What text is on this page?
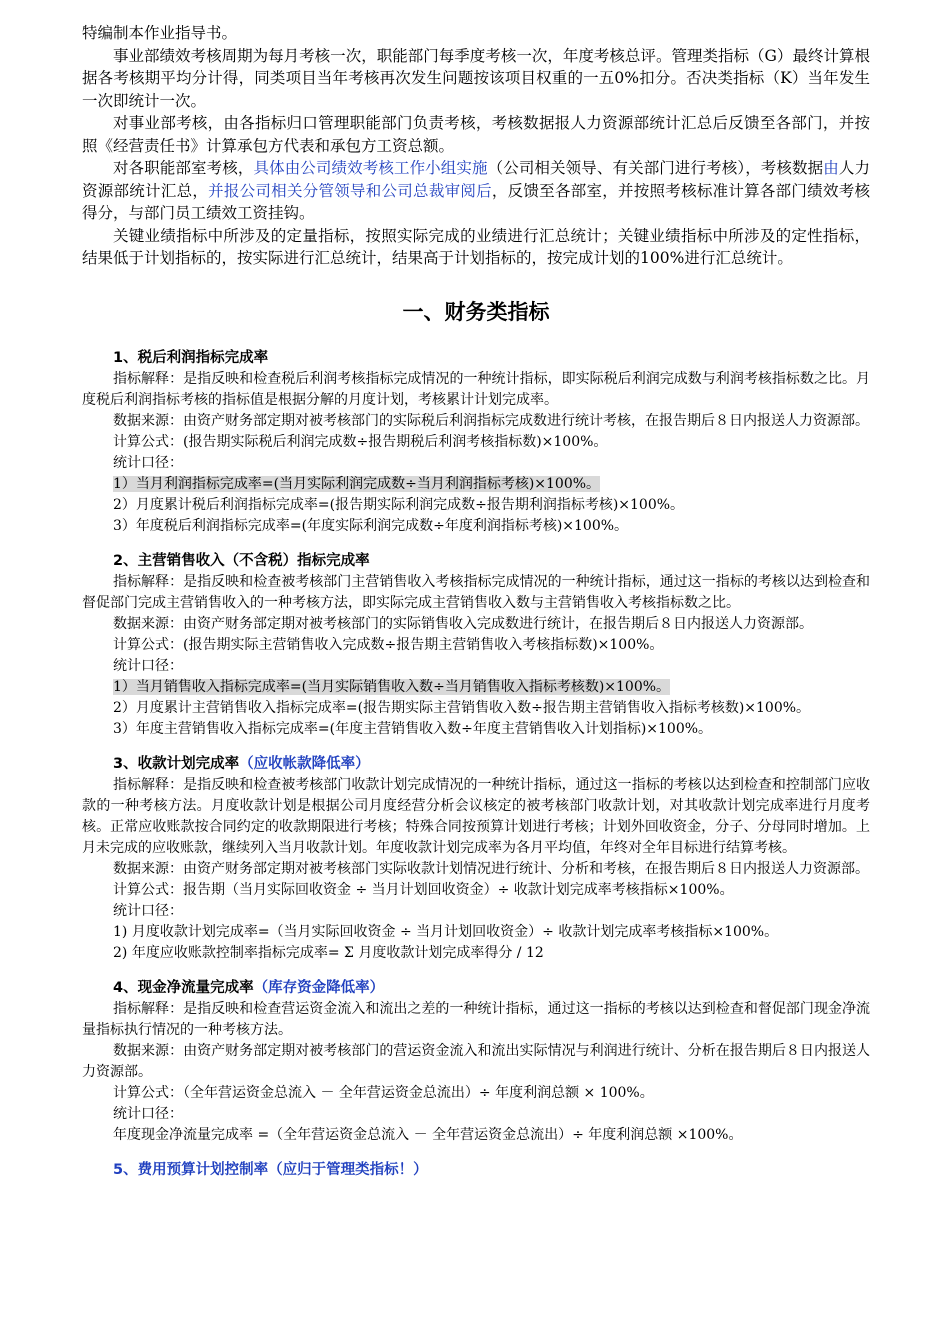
特编制本作业指导书。

事业部绩效考核周期为每月考核一次，职能部门每季度考核一次，年度考核总评。管理类指标（G）最终计算根据各考核期平均分计得，同类项目当年考核再次发生问题按该项目权重的一五0%扣分。否决类指标（K）当年发生一次即统计一次。

对事业部考核，由各指标归口管理职能部门负责考核，考核数据报人力资源部统计汇总后反馈至各部门，并按照《经营责任书》计算承包方代表和承包方工资总额。

对各职能部室考核，具体由公司绩效考核工作小组实施（公司相关领导、有关部门进行考核），考核数据由人力资源部统计汇总，并报公司相关分管领导和公司总裁审阅后，反馈至各部室，并按照考核标准计算各部门绩效考核得分，与部门员工绩效工资挂钩。

关键业绩指标中所涉及的定量指标，按照实际完成的业绩进行汇总统计；关键业绩指标中所涉及的定性指标，结果低于计划指标的，按实际进行汇总统计，结果高于计划指标的，按完成计划的100%进行汇总统计。

一、财务类指标
1、税后利润指标完成率

指标解释：是指反映和检查税后利润考核指标完成情况的一种统计指标，即实际税后利润完成数与利润考核指标数之比。月度税后利润指标考核的指标值是根据分解的月度计划，考核累计计划完成率。

数据来源：由资产财务部定期对被考核部门的实际税后利润指标完成数进行统计考核，在报告期后８日内报送人力资源部。

计算公式：(报告期实际税后利润完成数÷报告期税后利润考核指标数)×100%。

统计口径：

1）当月利润指标完成率=(当月实际利润完成数÷当月利润指标考核)×100%。

2）月度累计税后利润指标完成率=(报告期实际利润完成数÷报告期利润指标考核)×100%。

3）年度税后利润指标完成率=(年度实际利润完成数÷年度利润指标考核)×100%。

2、主营销售收入（不含税）指标完成率

指标解释：是指反映和检查被考核部门主营销售收入考核指标完成情况的一种统计指标，通过这一指标的考核以达到检查和督促部门完成主营销售收入的一种考核方法，即实际完成主营销售收入数与主营销售收入考核指标数之比。

数据来源：由资产财务部定期对被考核部门的实际销售收入完成数进行统计，在报告期后８日内报送人力资源部。

计算公式：(报告期实际主营销售收入完成数÷报告期主营销售收入考核指标数)×100%。

统计口径：

1）当月销售收入指标完成率=(当月实际销售收入数÷当月销售收入指标考核数)×100%。

2）月度累计主营销售收入指标完成率=(报告期实际主营销售收入数÷报告期主营销售收入指标考核数)×100%。

3）年度主营销售收入指标完成率=(年度主营销售收入数÷年度主营销售收入计划指标)×100%。

3、收款计划完成率（应收帐款降低率）

指标解释：是指反映和检查被考核部门收款计划完成情况的一种统计指标，通过这一指标的考核以达到检查和控制部门应收款的一种考核方法。月度收款计划是根据公司月度经营分析会议核定的被考核部门收款计划，对其收款计划完成率进行月度考核。正常应收账款按合同约定的收款期限进行考核；特殊合同按预算计划进行考核；计划外回收资金，分子、分母同时增加。上月未完成的应收账款，继续列入当月收款计划。年度收款计划完成率为各月平均值，年终对全年目标进行结算考核。

数据来源：由资产财务部定期对被考核部门实际收款计划情况进行统计、分析和考核，在报告期后８日内报送人力资源部。

计算公式：报告期（当月实际回收资金 ÷ 当月计划回收资金）÷ 收款计划完成率考核指标×100%。

统计口径：

1) 月度收款计划完成率=（当月实际回收资金 ÷ 当月计划回收资金）÷ 收款计划完成率考核指标×100%。

2) 年度应收账款控制率指标完成率= Σ 月度收款计划完成率得分 / 12

4、现金净流量完成率（库存资金降低率）

指标解释：是指反映和检查营运资金流入和流出之差的一种统计指标，通过这一指标的考核以达到检查和督促部门现金净流量指标执行情况的一种考核方法。

数据来源：由资产财务部定期对被考核部门的营运资金流入和流出实际情况与利润进行统计、分析在报告期后８日内报送人力资源部。

计算公式：（全年营运资金总流入 － 全年营运资金总流出）÷ 年度利润总额 × 100%。

统计口径：

年度现金净流量完成率 =（全年营运资金总流入 － 全年营运资金总流出）÷ 年度利润总额 ×100%。

5、费用预算计划控制率（应归于管理类指标！）
